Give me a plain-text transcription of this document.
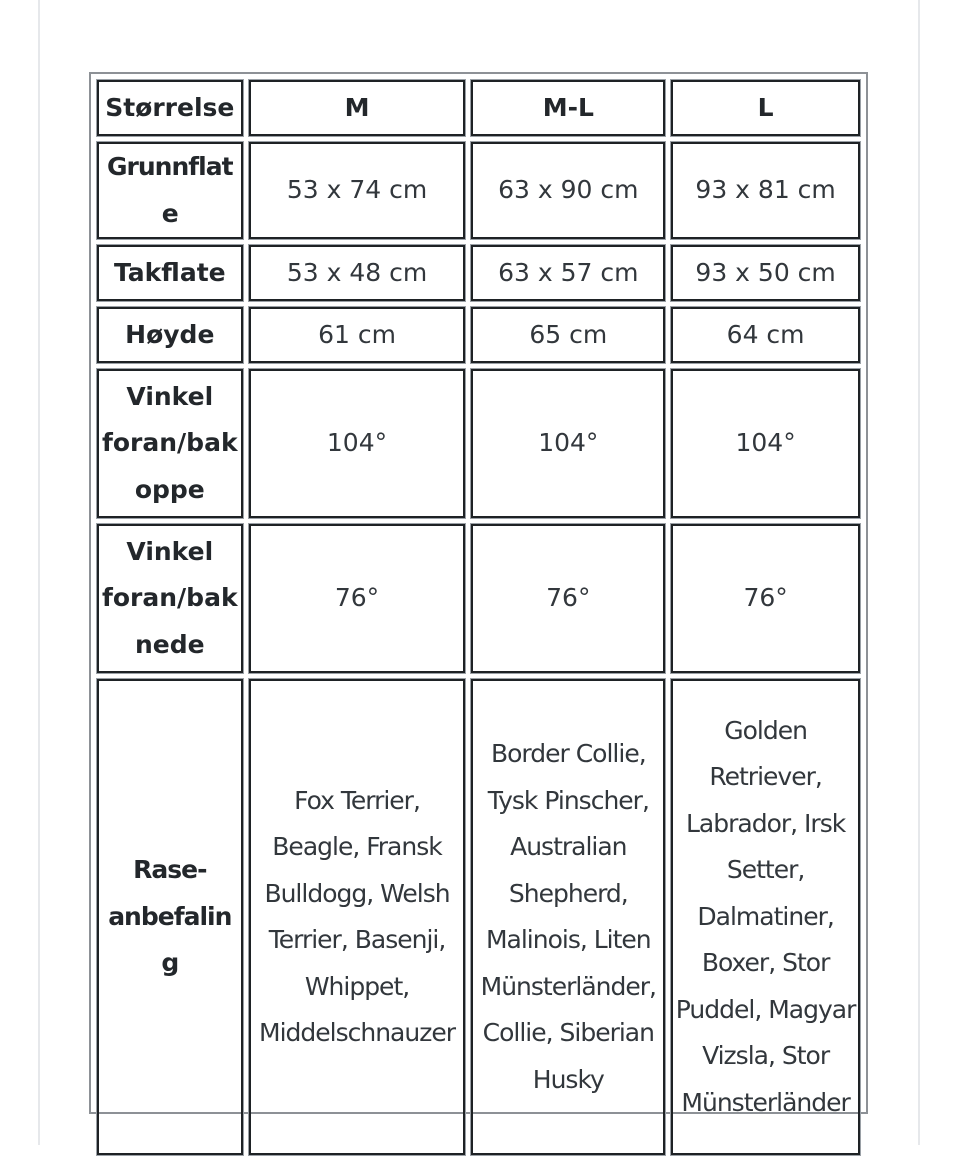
Størrelse	M	M-L	L
Grunnflate	53 x 74 cm	63 x 90 cm	93 x 81 cm
Takflate	53 x 48 cm	63 x 57 cm	93 x 50 cm
Høyde	61 cm	65 cm	64 cm
Vinkel foran/bak oppe	104°	104°	104°
Vinkel foran/bak nede	76°	76°	76°
Rase-anbefaling	Fox Terrier, Beagle, Fransk Bulldogg, Welsh Terrier, Basenji, Whippet, Middelschnauzer	Border Collie, Tysk Pinscher, Australian Shepherd, Malinois, Liten Münsterländer, Collie, Siberian Husky	Golden Retriever, Labrador, Irsk Setter, Dalmatiner, Boxer, Stor Puddel, Magyar Vizsla, Stor Münsterländer
